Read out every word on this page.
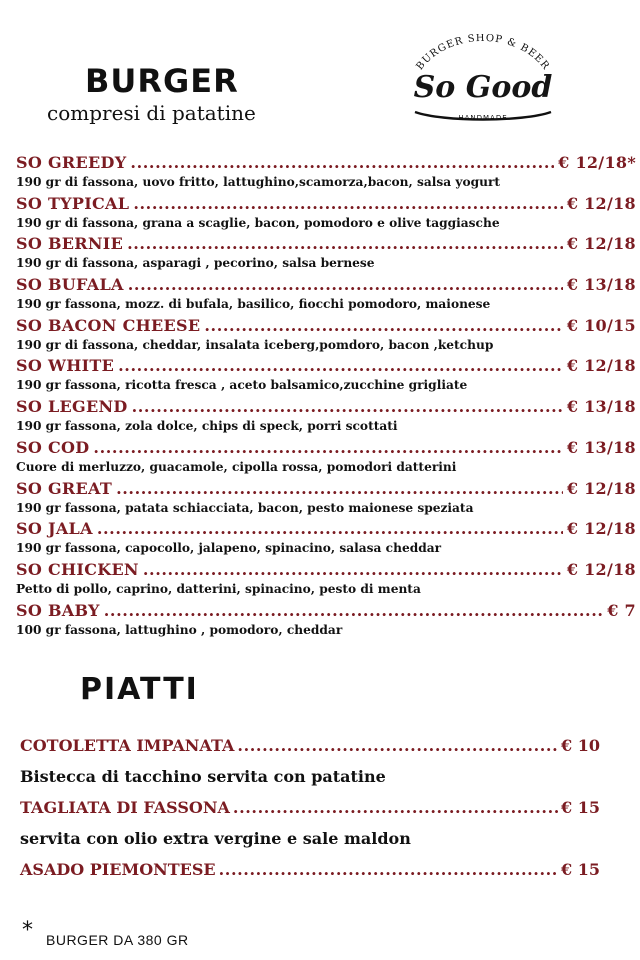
BURGER
compresi di patatine
BURGER SHOP & BEER
So Good
HANDMADE
SO GREEDY .....	€ 12/18*
190 gr di fassona, uovo fritto, lattughino,scamorza,bacon, salsa yogurt
SO TYPICAL .....	€ 12/18
190 gr di fassona, grana a scaglie, bacon, pomodoro e olive taggiasche
SO BERNIE .....	€ 12/18
190 gr di fassona, asparagi , pecorino, salsa bernese
SO BUFALA .....	€ 13/18
190 gr fassona, mozz. di bufala, basilico, fiocchi pomodoro, maionese
SO BACON CHEESE .....	€ 10/15
190 gr di fassona, cheddar, insalata iceberg,pomdoro, bacon ,ketchup
SO WHITE .....	€ 12/18
190 gr fassona, ricotta fresca , aceto balsamico,zucchine grigliate
SO LEGEND .....	€ 13/18
190 gr fassona, zola dolce, chips di speck, porri scottati
SO COD .....	€ 13/18
Cuore di merluzzo, guacamole, cipolla rossa, pomodori datterini
SO GREAT .....	€ 12/18
190 gr fassona, patata schiacciata, bacon, pesto maionese speziata
SO JALA .....	€ 12/18
190 gr fassona, capocollo, jalapeno, spinacino, salasa cheddar
SO CHICKEN .....	€ 12/18
Petto di pollo, caprino, datterini, spinacino, pesto di menta
SO BABY .....	€ 7
100 gr fassona, lattughino , pomodoro, cheddar
PIATTI
COTOLETTA IMPANATA .....	€ 10
Bistecca di tacchino servita con patatine
TAGLIATA DI FASSONA .....	€ 15
servita con olio extra vergine e sale maldon
ASADO PIEMONTESE .....	€ 15
* BURGER DA 380 GR
